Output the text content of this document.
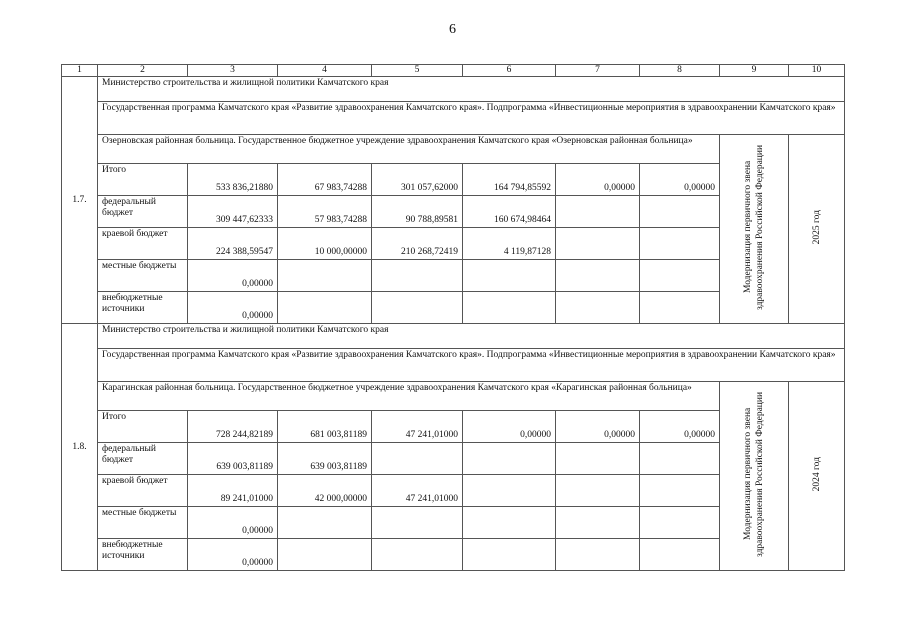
6
1	2	3	4	5	6	7	8	9	10
1.7.	Министерство строительства и жилищной политики Камчатского края								
	Государственная программа Камчатского края «Развитие здравоохранения Камчатского края». Подпрограмма «Инвестиционные мероприятия в здравоохранении Камчатского края»								
	Озерновская районная больница. Государственное бюджетное учреждение здравоохранения Камчатского края «Озерновская районная больница»							Модернизация первичного звена здравоохранения Российской Федерации	2025 год
	Итого	533 836,21880	67 983,74288	301 057,62000	164 794,85592	0,00000	0,00000		
	федеральный бюджет	309 447,62333	57 983,74288	90 788,89581	160 674,98464				
	краевой бюджет	224 388,59547	10 000,00000	210 268,72419	4 119,87128				
	местные бюджеты	0,00000							
	внебюджетные источники	0,00000							
1.8.	Министерство строительства и жилищной политики Камчатского края								
	Государственная программа Камчатского края «Развитие здравоохранения Камчатского края». Подпрограмма «Инвестиционные мероприятия в здравоохранении Камчатского края»								
	Карагинская районная больница. Государственное бюджетное учреждение здравоохранения Камчатского края «Карагинская районная больница»							Модернизация первичного звена здравоохранения Российской Федерации	2024 год
	Итого	728 244,82189	681 003,81189	47 241,01000	0,00000	0,00000	0,00000		
	федеральный бюджет	639 003,81189	639 003,81189						
	краевой бюджет	89 241,01000	42 000,00000	47 241,01000					
	местные бюджеты	0,00000							
	внебюджетные источники	0,00000							
